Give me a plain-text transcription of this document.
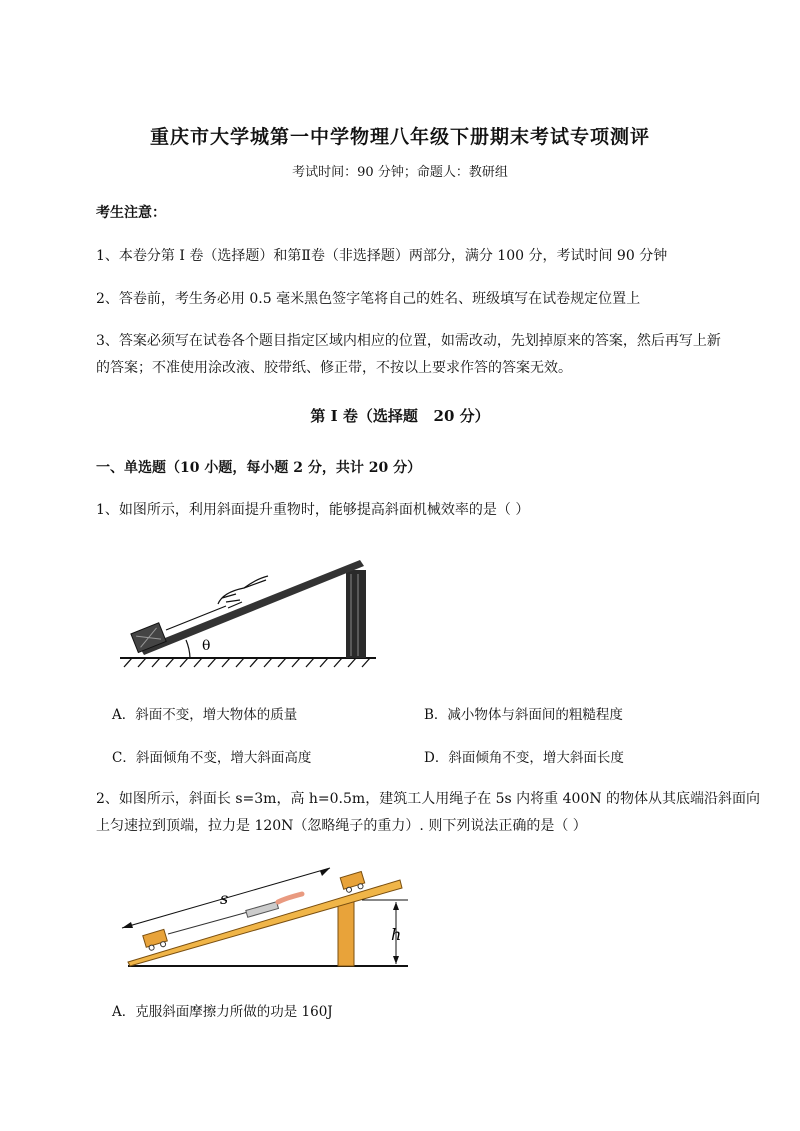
重庆市大学城第一中学物理八年级下册期末考试专项测评
考试时间：90 分钟；命题人：教研组
考生注意：
1、本卷分第 I 卷（选择题）和第Ⅱ卷（非选择题）两部分，满分 100 分，考试时间 90 分钟
2、答卷前，考生务必用 0.5 毫米黑色签字笔将自己的姓名、班级填写在试卷规定位置上
3、答案必须写在试卷各个题目指定区域内相应的位置，如需改动，先划掉原来的答案，然后再写上新
的答案；不准使用涂改液、胶带纸、修正带，不按以上要求作答的答案无效。
第 I 卷（选择题   20 分）
一、单选题（10 小题，每小题 2 分，共计 20 分）
1、如图所示，利用斜面提升重物时，能够提高斜面机械效率的是（ ）
θ
A．斜面不变，增大物体的质量	B．减小物体与斜面间的粗糙程度
C．斜面倾角不变，增大斜面高度	D．斜面倾角不变，增大斜面长度
2、如图所示，斜面长 s=3m，高 h=0.5m，建筑工人用绳子在 5s 内将重 400N 的物体从其底端沿斜面向
上匀速拉到顶端，拉力是 120N（忽略绳子的重力）. 则下列说法正确的是（ ）
h
s
A．克服斜面摩擦力所做的功是 160J
